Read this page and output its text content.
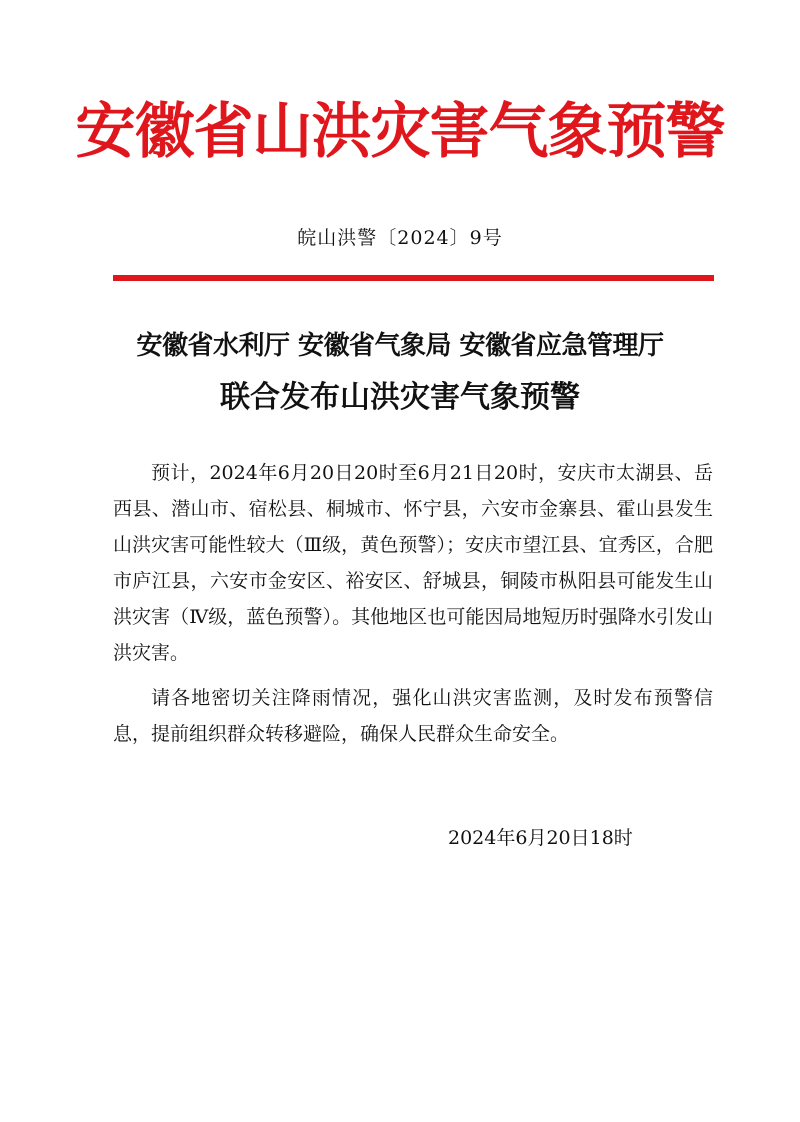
安徽省山洪灾害气象预警
皖山洪警〔2024〕9号
安徽省水利厅 安徽省气象局 安徽省应急管理厅
联合发布山洪灾害气象预警

预计，2024年6月20日20时至6月21日20时，安庆市太湖县、岳西县、潜山市、宿松县、桐城市、怀宁县，六安市金寨县、霍山县发生山洪灾害可能性较大（Ⅲ级，黄色预警）；安庆市望江县、宜秀区，合肥市庐江县，六安市金安区、裕安区、舒城县，铜陵市枞阳县可能发生山洪灾害（Ⅳ级，蓝色预警）。其他地区也可能因局地短历时强降水引发山洪灾害。

请各地密切关注降雨情况，强化山洪灾害监测，及时发布预警信息，提前组织群众转移避险，确保人民群众生命安全。

2024年6月20日18时
